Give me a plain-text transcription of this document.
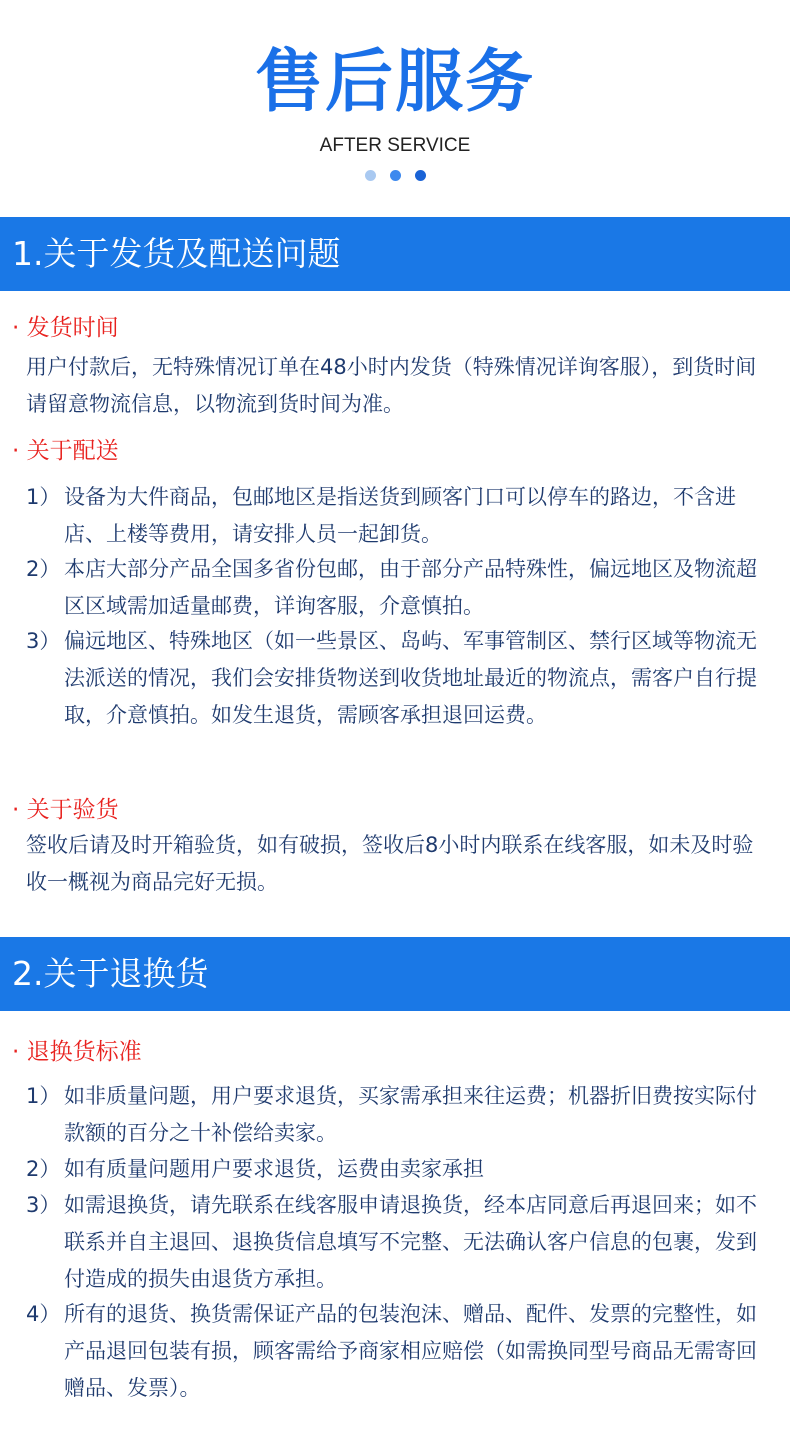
售后服务
AFTER SERVICE
1.关于发货及配送问题
· 发货时间
用户付款后，无特殊情况订单在48小时内发货（特殊情况详询客服），到货时间请留意物流信息，以物流到货时间为准。
· 关于配送
1） 设备为大件商品，包邮地区是指送货到顾客门口可以停车的路边，不含进店、上楼等费用，请安排人员一起卸货。
2） 本店大部分产品全国多省份包邮，由于部分产品特殊性，偏远地区及物流超区区域需加适量邮费，详询客服，介意慎拍。
3） 偏远地区、特殊地区（如一些景区、岛屿、军事管制区、禁行区域等物流无法派送的情况，我们会安排货物送到收货地址最近的物流点，需客户自行提取，介意慎拍。如发生退货，需顾客承担退回运费。
· 关于验货
签收后请及时开箱验货，如有破损，签收后8小时内联系在线客服，如未及时验收一概视为商品完好无损。
2.关于退换货
· 退换货标准
1） 如非质量问题，用户要求退货，买家需承担来往运费；机器折旧费按实际付款额的百分之十补偿给卖家。
2） 如有质量问题用户要求退货，运费由卖家承担
3） 如需退换货，请先联系在线客服申请退换货，经本店同意后再退回来；如不联系并自主退回、退换货信息填写不完整、无法确认客户信息的包裹，发到付造成的损失由退货方承担。
4） 所有的退货、换货需保证产品的包装泡沫、赠品、配件、发票的完整性，如产品退回包装有损，顾客需给予商家相应赔偿（如需换同型号商品无需寄回赠品、发票）。
